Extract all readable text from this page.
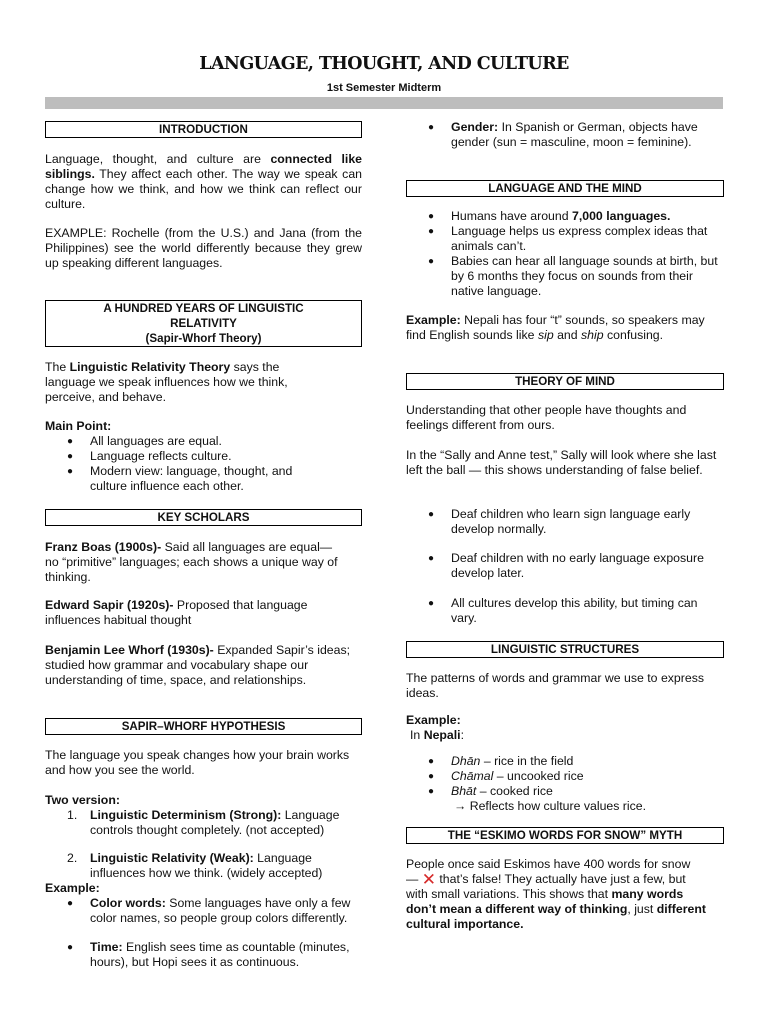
LANGUAGE, THOUGHT, AND CULTURE
1st Semester Midterm
INTRODUCTION

Language, thought, and culture are connected like siblings. They affect each other. The way we speak can change how we think, and how we think can reflect our culture.

EXAMPLE: Rochelle (from the U.S.) and Jana (from the Philippines) see the world differently because they grew up speaking different languages.

A HUNDRED YEARS OF LINGUISTIC
RELATIVITY
(Sapir-Whorf Theory)

The Linguistic Relativity Theory says the language we speak influences how we think, perceive, and behave.

Main Point:

●	All languages are equal.
●	Language reflects culture.
●	Modern view: language, thought, and culture influence each other.
KEY SCHOLARS

Franz Boas (1900s)- Said all languages are equal—no “primitive” languages; each shows a unique way of thinking.

Edward Sapir (1920s)- Proposed that language influences habitual thought

Benjamin Lee Whorf (1930s)- Expanded Sapir’s ideas; studied how grammar and vocabulary shape our understanding of time, space, and relationships.

SAPIR–WHORF HYPOTHESIS

The language you speak changes how your brain works and how you see the world.

Two version:

1.	Linguistic Determinism (Strong): Language controls thought completely. (not accepted)
2.	Linguistic Relativity (Weak): Language influences how we think. (widely accepted)

Example:

●	Color words: Some languages have only a few color names, so people group colors differently.
●	Time: English sees time as countable (minutes, hours), but Hopi sees it as continuous.
●	Gender: In Spanish or German, objects have gender (sun = masculine, moon = feminine).
LANGUAGE AND THE MIND
●	Humans have around 7,000 languages.
●	Language helps us express complex ideas that animals can’t.
●	Babies can hear all language sounds at birth, but by 6 months they focus on sounds from their native language.

Example: Nepali has four “t” sounds, so speakers may find English sounds like sip and ship confusing.

THEORY OF MIND

Understanding that other people have thoughts and feelings different from ours.

In the “Sally and Anne test,” Sally will look where she last left the ball — this shows understanding of false belief.

●	Deaf children who learn sign language early develop normally.
●	Deaf children with no early language exposure develop later.
●	All cultures develop this ability, but timing can vary.
LINGUISTIC STRUCTURES

The patterns of words and grammar we use to express ideas.

Example:

In Nepali:

●	Dhān – rice in the field
●	Chāmal – uncooked rice
●	Bhāt – cooked rice

→ Reflects how culture values rice.

THE “ESKIMO WORDS FOR SNOW” MYTH

People once said Eskimos have 400 words for snow — ✕ that’s false! They actually have just a few, but with small variations. This shows that many words don’t mean a different way of thinking, just different cultural importance.
